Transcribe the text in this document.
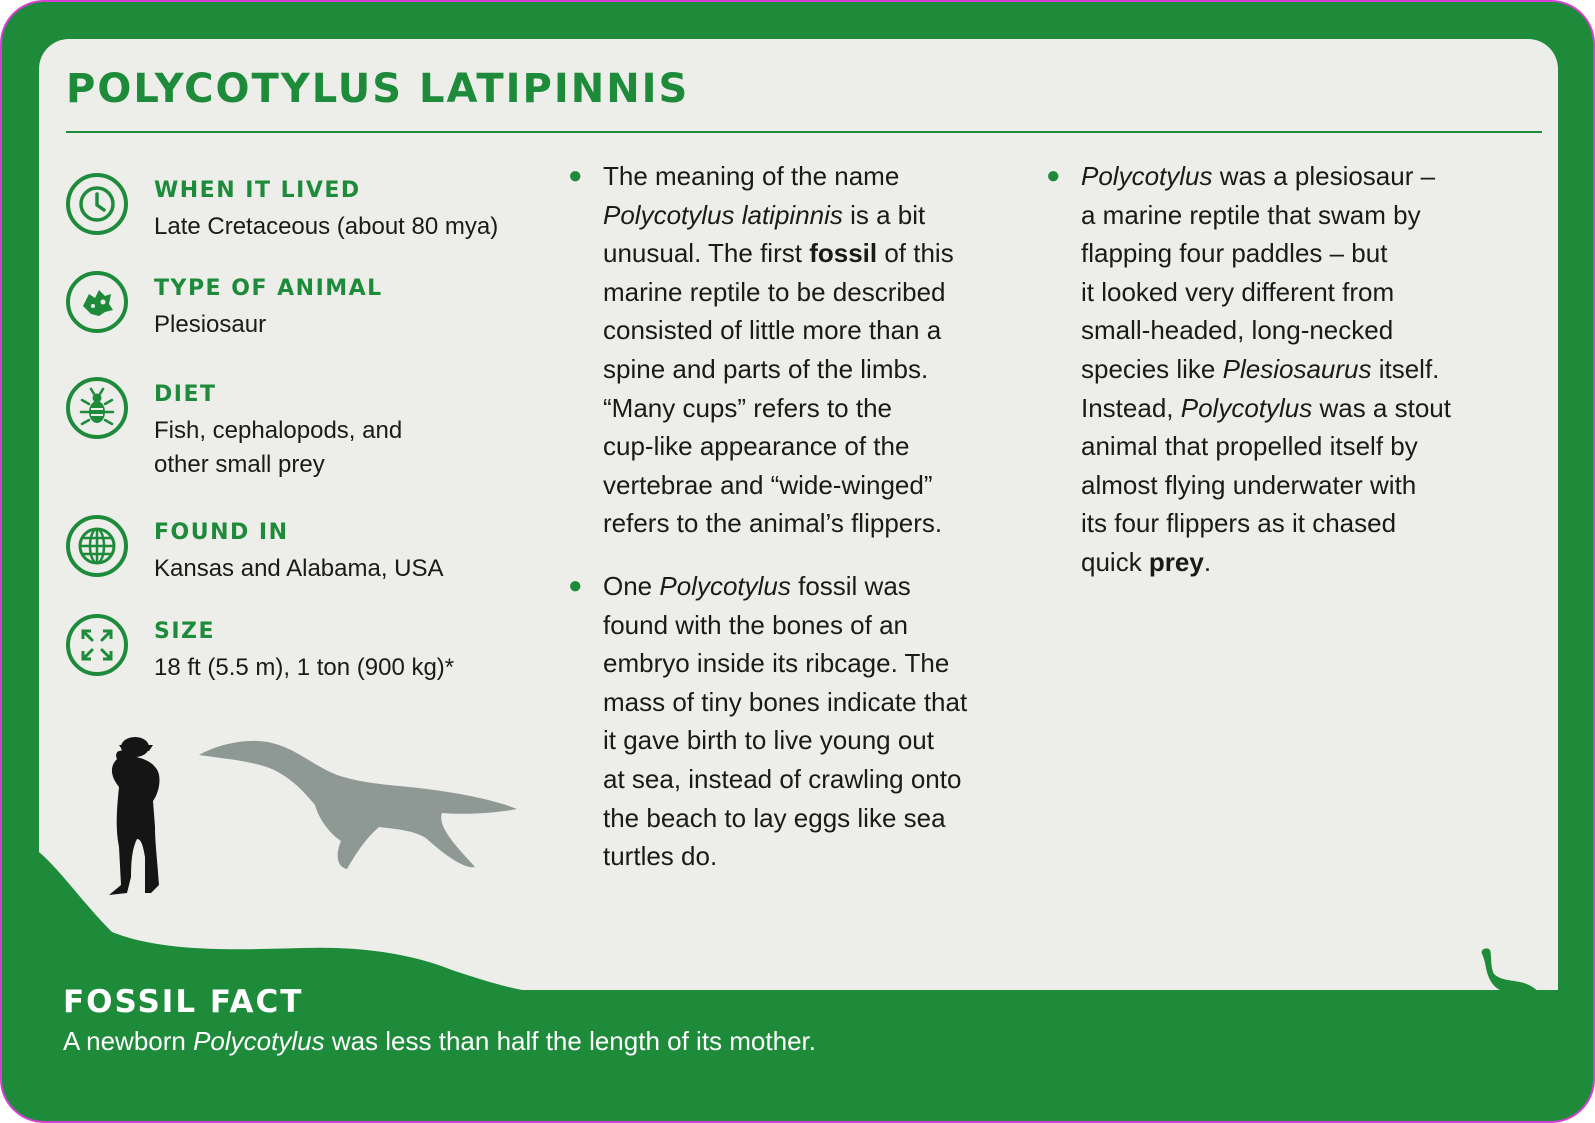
POLYCOTYLUS LATIPINNIS
WHEN IT LIVED
Late Cretaceous (about 80 mya)
TYPE OF ANIMAL
Plesiosaur
DIET
Fish, cephalopods, and
other small prey
FOUND IN
Kansas and Alabama, USA
SIZE
18 ft (5.5 m), 1 ton (900 kg)*

● The meaning of the name
Polycotylus latipinnis is a bit
unusual. The first fossil of this
marine reptile to be described
consisted of little more than a
spine and parts of the limbs.
“Many cups” refers to the
cup-like appearance of the
vertebrae and “wide-winged”
refers to the animal’s flippers.

● One Polycotylus fossil was
found with the bones of an
embryo inside its ribcage. The
mass of tiny bones indicate that
it gave birth to live young out
at sea, instead of crawling onto
the beach to lay eggs like sea
turtles do.

● Polycotylus was a plesiosaur –
a marine reptile that swam by
flapping four paddles – but
it looked very different from
small-headed, long-necked
species like Plesiosaurus itself.
Instead, Polycotylus was a stout
animal that propelled itself by
almost flying underwater with
its four flippers as it chased
quick prey.

FOSSIL FACT
A newborn Polycotylus was less than half the length of its mother.
